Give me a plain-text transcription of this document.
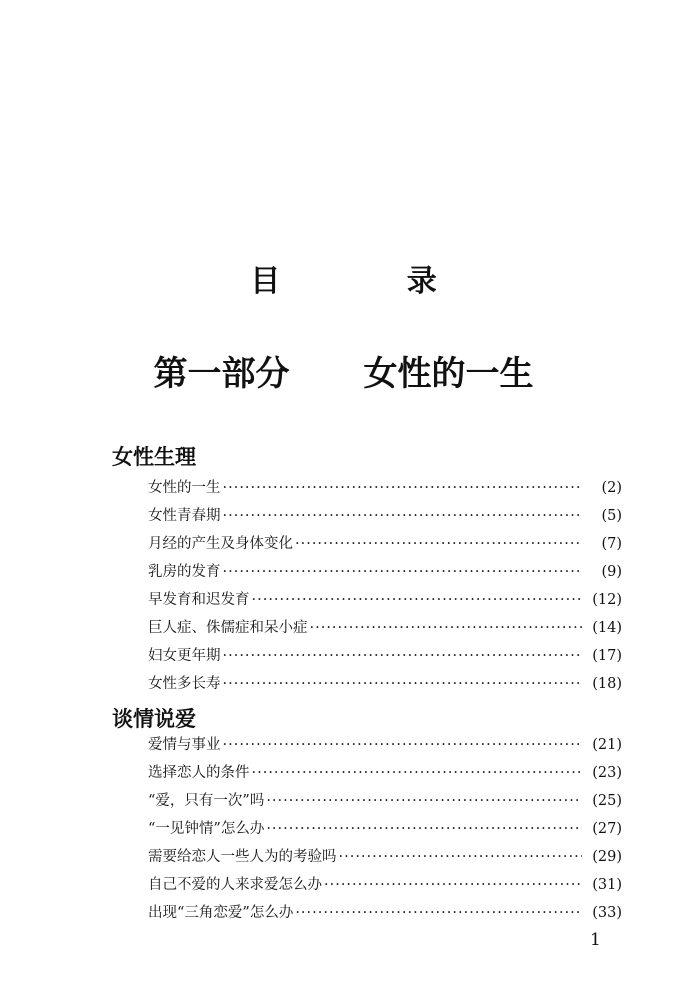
目 录
第一部分 女性的一生
女性生理
女性的一生 ·····	(2)
女性青春期 ·····	(5)
月经的产生及身体变化 ·····	(7)
乳房的发育 ·····	(9)
早发育和迟发育 ·····	(12)
巨人症、侏儒症和呆小症 ·····	(14)
妇女更年期 ·····	(17)
女性多长寿 ·····	(18)
谈情说爱
爱情与事业 ·····	(21)
选择恋人的条件 ·····	(23)
“爱，只有一次”吗 ·····	(25)
“一见钟情”怎么办 ·····	(27)
需要给恋人一些人为的考验吗 ·····	(29)
自己不爱的人来求爱怎么办 ·····	(31)
出现“三角恋爱”怎么办 ·····	(33)
1
